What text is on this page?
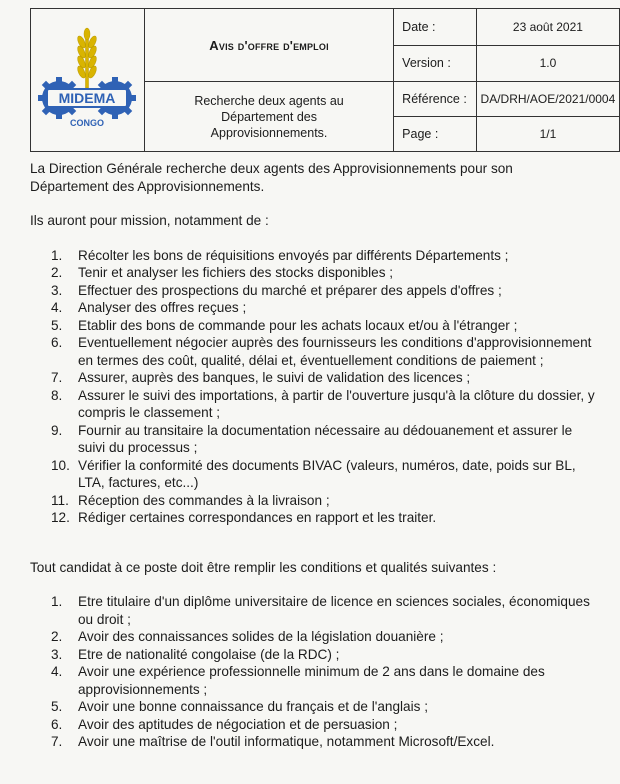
MIDEMA
CONGO	Avis d'offre d'emploi	Date :	23 août 2021
		Version :	1.0
	Recherche deux agents au Département des Approvisionnements.	Référence :	DA/DRH/AOE/2021/0004
		Page :	1/1

La Direction Générale recherche deux agents des Approvisionnements pour son Département des Approvisionnements.

Ils auront pour mission, notamment de :

1. Récolter les bons de réquisitions envoyés par différents Départements ;
2. Tenir et analyser les fichiers des stocks disponibles ;
3. Effectuer des prospections du marché et préparer des appels d'offres ;
4. Analyser des offres reçues ;
5. Etablir des bons de commande pour les achats locaux et/ou à l'étranger ;
6. Eventuellement négocier auprès des fournisseurs les conditions d'approvisionnement en termes des coût, qualité, délai et, éventuellement conditions de paiement ;
7. Assurer, auprès des banques, le suivi de validation des licences ;
8. Assurer le suivi des importations, à partir de l'ouverture jusqu'à la clôture du dossier, y compris le classement ;
9. Fournir au transitaire la documentation nécessaire au dédouanement et assurer le suivi du processus ;
10. Vérifier la conformité des documents BIVAC (valeurs, numéros, date, poids sur BL, LTA, factures, etc...)
11. Réception des commandes à la livraison ;
12. Rédiger certaines correspondances en rapport et les traiter.

Tout candidat à ce poste doit être remplir les conditions et qualités suivantes :

1. Etre titulaire d'un diplôme universitaire de licence en sciences sociales, économiques ou droit ;
2. Avoir des connaissances solides de la législation douanière ;
3. Etre de nationalité congolaise (de la RDC) ;
4. Avoir une expérience professionnelle minimum de 2 ans dans le domaine des approvisionnements ;
5. Avoir une bonne connaissance du français et de l'anglais ;
6. Avoir des aptitudes de négociation et de persuasion ;
7. Avoir une maîtrise de l'outil informatique, notamment Microsoft/Excel.
